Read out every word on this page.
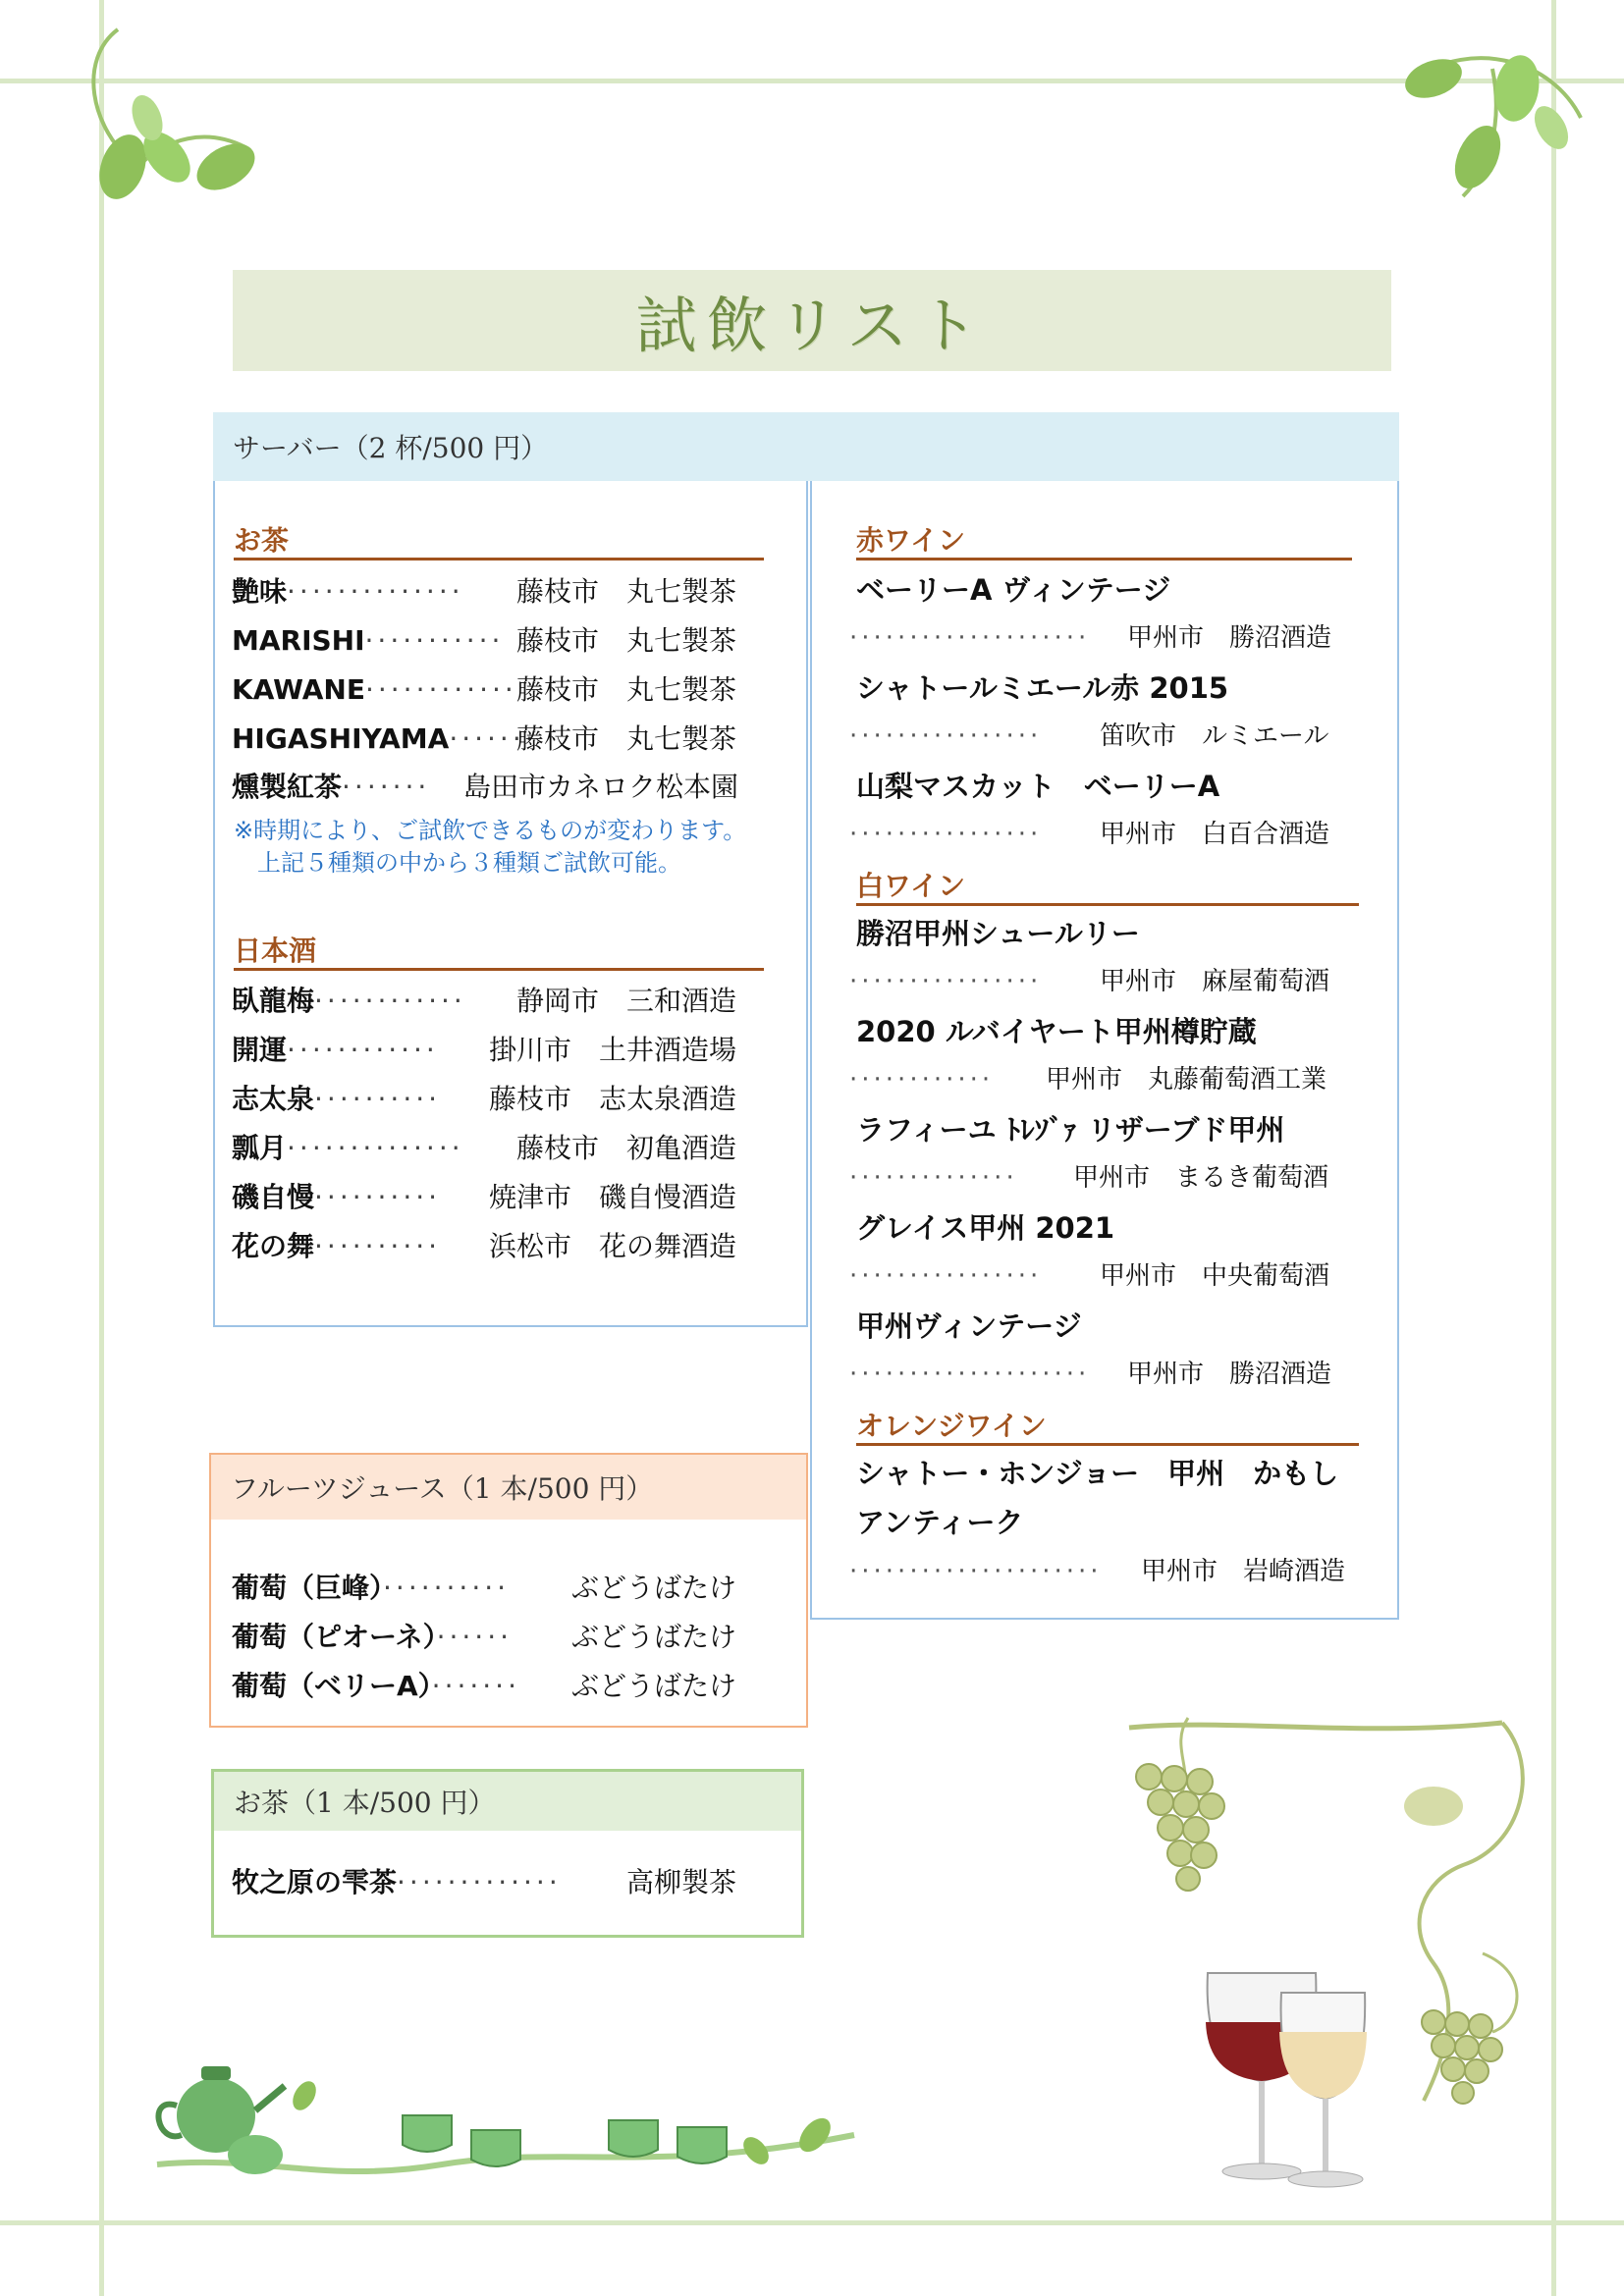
試飲リスト
サーバー（2 杯/500 円）
お茶
艶味·············· 藤枝市　丸七製茶
MARISHI··········· 藤枝市　丸七製茶
KAWANE············ 藤枝市　丸七製茶
HIGASHIYAMA·······
藤枝市　丸七製茶
燻製紅茶······· 島田市カネロク松本園
※時期により、ご試飲できるものが変わります。
上記５種類の中から３種類ご試飲可能。
日本酒
臥龍梅············ 静岡市　三和酒造
開運············ 掛川市　土井酒造場
志太泉·········· 藤枝市　志太泉酒造
瓢月·············· 藤枝市　初亀酒造
磯自慢·········· 焼津市　磯自慢酒造
花の舞·········· 浜松市　花の舞酒造
赤ワイン
ベーリーA ヴィンテージ
···················· 甲州市　勝沼酒造
シャトールミエール赤 2015
················ 笛吹市　ルミエール
山梨マスカット　ベーリーA
················ 甲州市　白百合酒造
白ワイン
勝沼甲州シュールリー
················ 甲州市　麻屋葡萄酒
2020 ルバイヤート甲州樽貯蔵
············ 甲州市　丸藤葡萄酒工業
ラフィーユ ﾄﾚｿﾞｧ リザーブド甲州
·············· 甲州市　まるき葡萄酒
グレイス甲州 2021
················ 甲州市　中央葡萄酒
甲州ヴィンテージ
···················· 甲州市　勝沼酒造
オレンジワイン
シャトー・ホンジョー　甲州　かもし
アンティーク
····················· 甲州市　岩崎酒造
フルーツジュース（1 本/500 円）
葡萄（巨峰）·········· ぶどうばたけ
葡萄（ピオーネ）······ ぶどうばたけ
葡萄（ベリーA）······· ぶどうばたけ
お茶（1 本/500 円）
牧之原の雫茶············· 高柳製茶
